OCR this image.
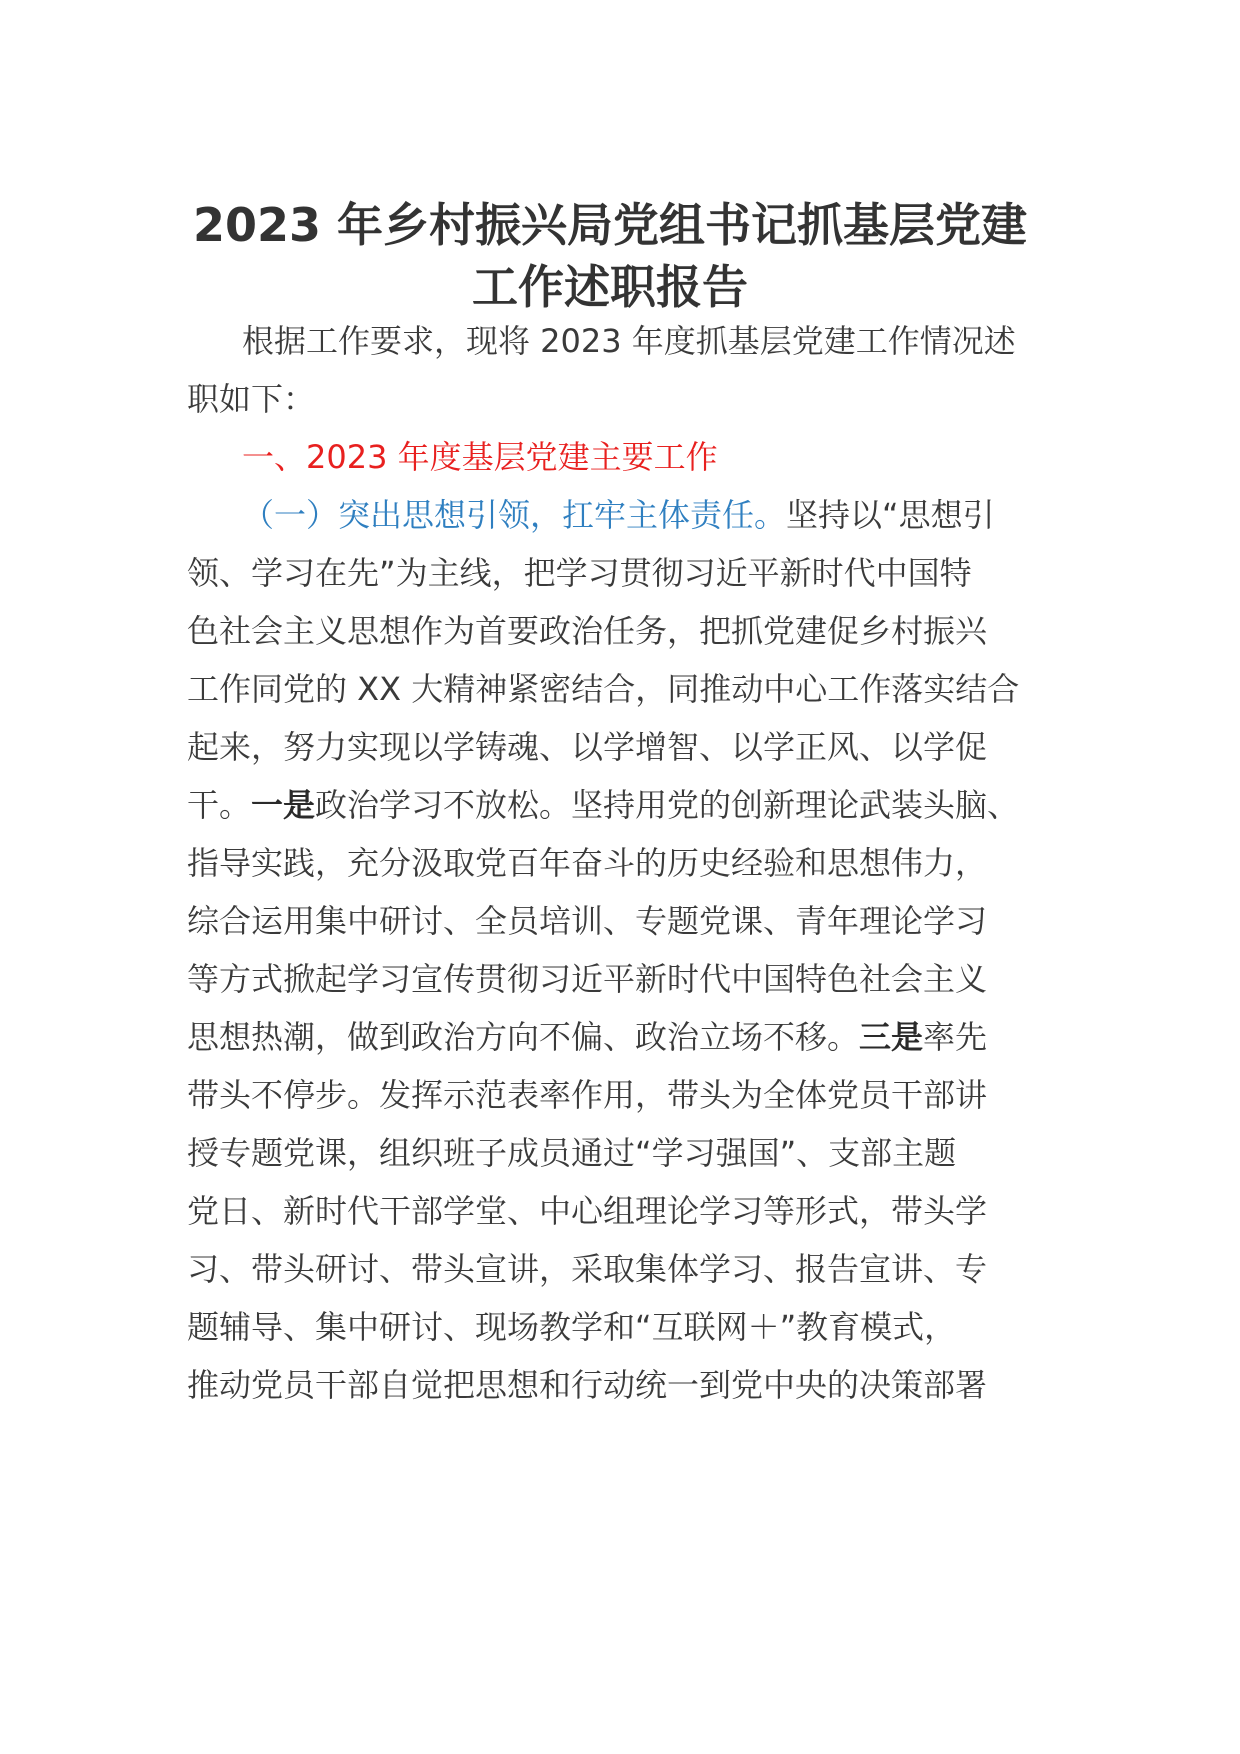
2023 年乡村振兴局党组书记抓基层党建
工作述职报告
根据工作要求，现将 2023 年度抓基层党建工作情况述
职如下：
一、2023 年度基层党建主要工作
（一）突出思想引领，扛牢主体责任。坚持以“思想引
领、学习在先”为主线，把学习贯彻习近平新时代中国特
色社会主义思想作为首要政治任务，把抓党建促乡村振兴
工作同党的 XX 大精神紧密结合，同推动中心工作落实结合
起来，努力实现以学铸魂、以学增智、以学正风、以学促
干。一是政治学习不放松。坚持用党的创新理论武装头脑、
指导实践，充分汲取党百年奋斗的历史经验和思想伟力，
综合运用集中研讨、全员培训、专题党课、青年理论学习
等方式掀起学习宣传贯彻习近平新时代中国特色社会主义
思想热潮，做到政治方向不偏、政治立场不移。三是率先
带头不停步。发挥示范表率作用，带头为全体党员干部讲
授专题党课，组织班子成员通过“学习强国”、支部主题
党日、新时代干部学堂、中心组理论学习等形式，带头学
习、带头研讨、带头宣讲，采取集体学习、报告宣讲、专
题辅导、集中研讨、现场教学和“互联网＋”教育模式，
推动党员干部自觉把思想和行动统一到党中央的决策部署
